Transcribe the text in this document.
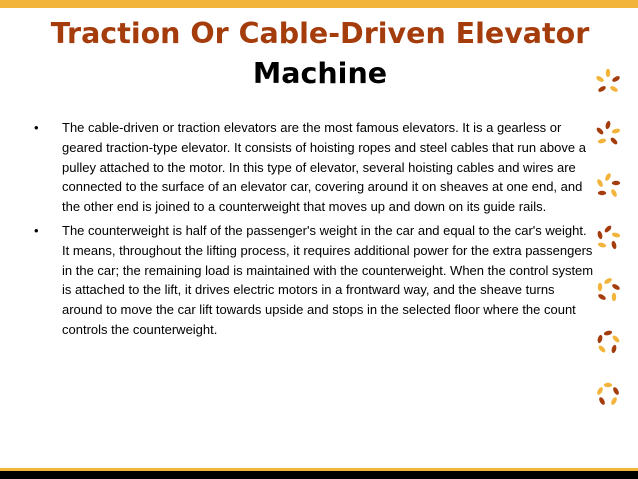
Traction Or Cable-Driven Elevator
Machine
• The cable-driven or traction elevators are the most famous elevators. It is a gearless or geared traction-type elevator. It consists of hoisting ropes and steel cables that run above a pulley attached to the motor. In this type of elevator, several hoisting cables and wires are connected to the surface of an elevator car, covering around it on sheaves at one end, and the other end is joined to a counterweight that moves up and down on its guide rails.
• The counterweight is half of the passenger's weight in the car and equal to the car's weight. It means, throughout the lifting process, it requires additional power for the extra passengers in the car; the remaining load is maintained with the counterweight. When the control system is attached to the lift, it drives electric motors in a frontward way, and the sheave turns around to move the car lift towards upside and stops in the selected floor where the count controls the counterweight.
